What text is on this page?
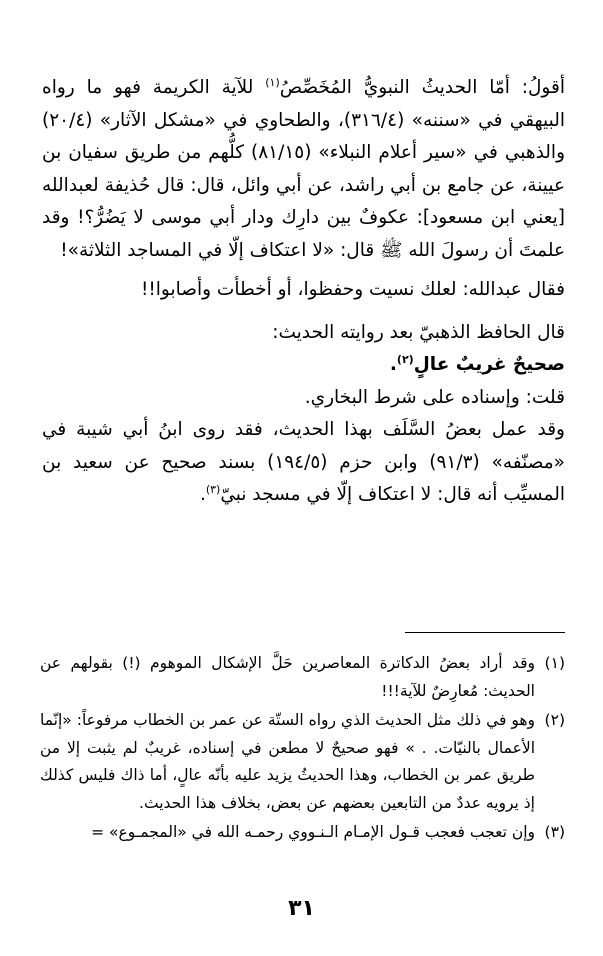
أقولُ: أمّا الحديثُ النبويُّ المُخَصِّصُ$^{(١)}$ للآية الكريمة فهو ما رواه البيهقي في «سننه» (٣١٦/٤)، والطحاوي في «مشكل الآثار» (٢٠/٤) والذهبي في «سير أعلام النبلاء» (٨١/١٥) كلُّهم من طريق سفيان بن عيينة، عن جامع بن أبي راشد، عن أبي وائل، قال: قال حُذيفة لعبدالله [يعني ابن مسعود]: عكوفٌ بين دارِك ودار أبي موسى لا يَضُرُّ؟! وقد علمتَ أن رسولَ الله ﷺ قال: «لا اعتكاف إلّا في المساجد الثلاثة»!

فقال عبدالله: لعلك نسيت وحفظوا، أو أخطأت وأصابوا!!

قال الحافظ الذهبيّ بعد روايته الحديث:

صحيحٌ غريبٌ عالٍ$^{(٢)}$.

قلت: وإسناده على شرط البخاري.

وقد عمل بعضُ السَّلَف بهذا الحديث، فقد روى ابنُ أبي شيبة في «مصنّفه» (٩١/٣) وابن حزم (١٩٤/٥) بسند صحيح عن سعيد بن المسيِّب أنه قال: لا اعتكاف إلّا في مسجد نبيّ$^{(٣)}$.

(١)
وقد أراد بعضُ الدكاترة المعاصرين حَلَّ الإشكال الموهوم (!) بقولهم عن الحديث: مُعارِضٌ للآية!!!
(٢)
وهو في ذلك مثل الحديث الذي رواه الستّة عن عمر بن الخطاب مرفوعاً: «إنّما الأعمال بالنيّات. . » فهو صحيحٌ لا مطعن في إسناده، غريبٌ لم يثبت إلا من طريق عمر بن الخطاب، وهذا الحديثُ يزيد عليه بأنّه عالٍ، أما ذاك فليس كذلك إذ يرويه عددٌ من التابعين بعضهم عن بعض، بخلاف هذا الحديث.
(٣)
وإن تعجب فعجب قـول الإمـام الـنـووي رحمـه الله في «المجمـوع» =
٣١
